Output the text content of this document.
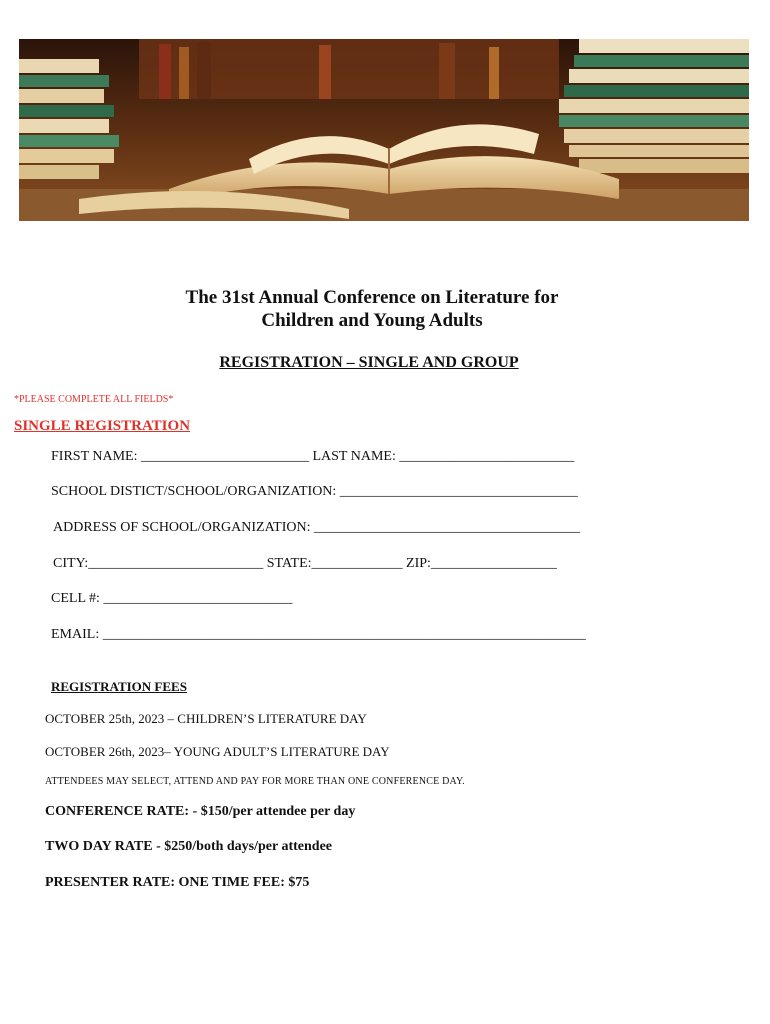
The 31st Annual Conference on Literature for
Children and Young Adults
REGISTRATION – SINGLE AND GROUP
*PLEASE COMPLETE ALL FIELDS*
SINGLE REGISTRATION
FIRST NAME: ________________________ LAST NAME: _________________________
SCHOOL DISTICT/SCHOOL/ORGANIZATION: __________________________________
ADDRESS OF SCHOOL/ORGANIZATION: ______________________________________
CITY:_________________________ STATE:_____________ ZIP:__________________
CELL #: ___________________________
EMAIL: _____________________________________________________________________
REGISTRATION FEES
OCTOBER 25th, 2023 – CHILDREN’S LITERATURE DAY
OCTOBER 26th, 2023– YOUNG ADULT’S LITERATURE DAY
ATTENDEES MAY SELECT, ATTEND AND PAY FOR MORE THAN ONE CONFERENCE DAY.
CONFERENCE RATE: - $150/per attendee per day
TWO DAY RATE - $250/both days/per attendee
PRESENTER RATE: ONE TIME FEE: $75
